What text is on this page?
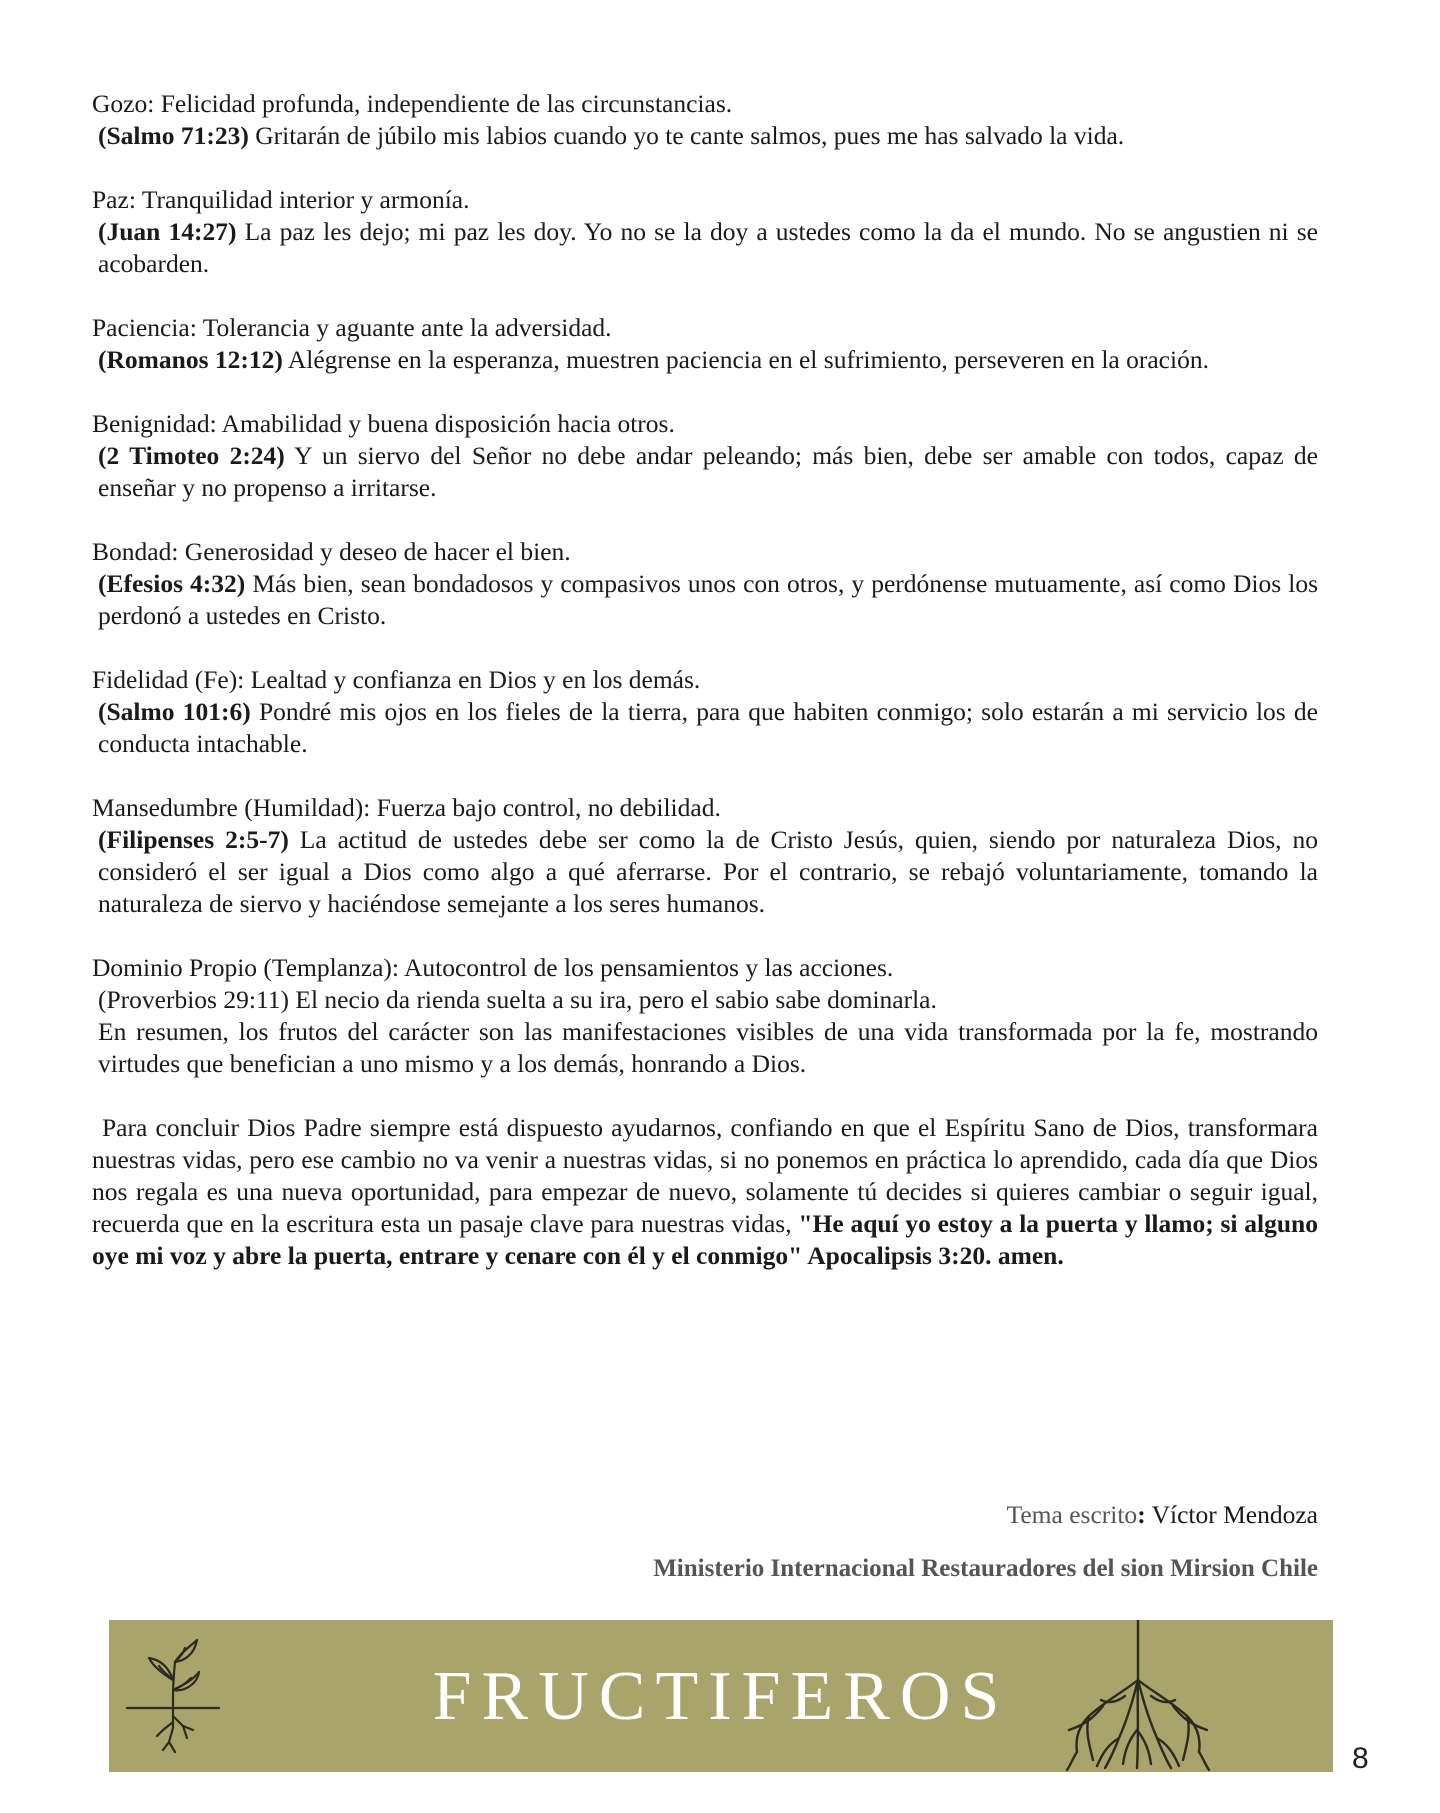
Gozo: Felicidad profunda, independiente de las circunstancias.
(Salmo 71:23) Gritarán de júbilo mis labios cuando yo te cante salmos, pues me has salvado la vida.
Paz: Tranquilidad interior y armonía.
(Juan 14:27) La paz les dejo; mi paz les doy. Yo no se la doy a ustedes como la da el mundo. No se angustien ni se acobarden.
Paciencia: Tolerancia y aguante ante la adversidad.
(Romanos 12:12) Alégrense en la esperanza, muestren paciencia en el sufrimiento, perseveren en la oración.
Benignidad: Amabilidad y buena disposición hacia otros.
(2 Timoteo 2:24) Y un siervo del Señor no debe andar peleando; más bien, debe ser amable con todos, capaz de enseñar y no propenso a irritarse.
Bondad: Generosidad y deseo de hacer el bien.
(Efesios 4:32) Más bien, sean bondadosos y compasivos unos con otros, y perdónense mutuamente, así como Dios los perdonó a ustedes en Cristo.
Fidelidad (Fe): Lealtad y confianza en Dios y en los demás.
(Salmo 101:6) Pondré mis ojos en los fieles de la tierra, para que habiten conmigo; solo estarán a mi servicio los de conducta intachable.
Mansedumbre (Humildad): Fuerza bajo control, no debilidad.
(Filipenses 2:5-7) La actitud de ustedes debe ser como la de Cristo Jesús, quien, siendo por naturaleza Dios, no consideró el ser igual a Dios como algo a qué aferrarse. Por el contrario, se rebajó voluntariamente, tomando la naturaleza de siervo y haciéndose semejante a los seres humanos.
Dominio Propio (Templanza): Autocontrol de los pensamientos y las acciones.
(Proverbios 29:11) El necio da rienda suelta a su ira, pero el sabio sabe dominarla.
En resumen, los frutos del carácter son las manifestaciones visibles de una vida transformada por la fe, mostrando virtudes que benefician a uno mismo y a los demás, honrando a Dios.
Para concluir Dios Padre siempre está dispuesto ayudarnos, confiando en que el Espíritu Sano de Dios, transformara nuestras vidas, pero ese cambio no va venir a nuestras vidas, si no ponemos en práctica lo aprendido, cada día que Dios nos regala es una nueva oportunidad, para empezar de nuevo, solamente tú decides si quieres cambiar o seguir igual, recuerda que en la escritura esta un pasaje clave para nuestras vidas, "He aquí yo estoy a la puerta y llamo; si alguno oye mi voz y abre la puerta, entrare y cenare con él y el conmigo" Apocalipsis 3:20. amen.
Tema escrito: Víctor Mendoza
Ministerio Internacional Restauradores del sion Mirsion Chile
FRUCTIFEROS
8
